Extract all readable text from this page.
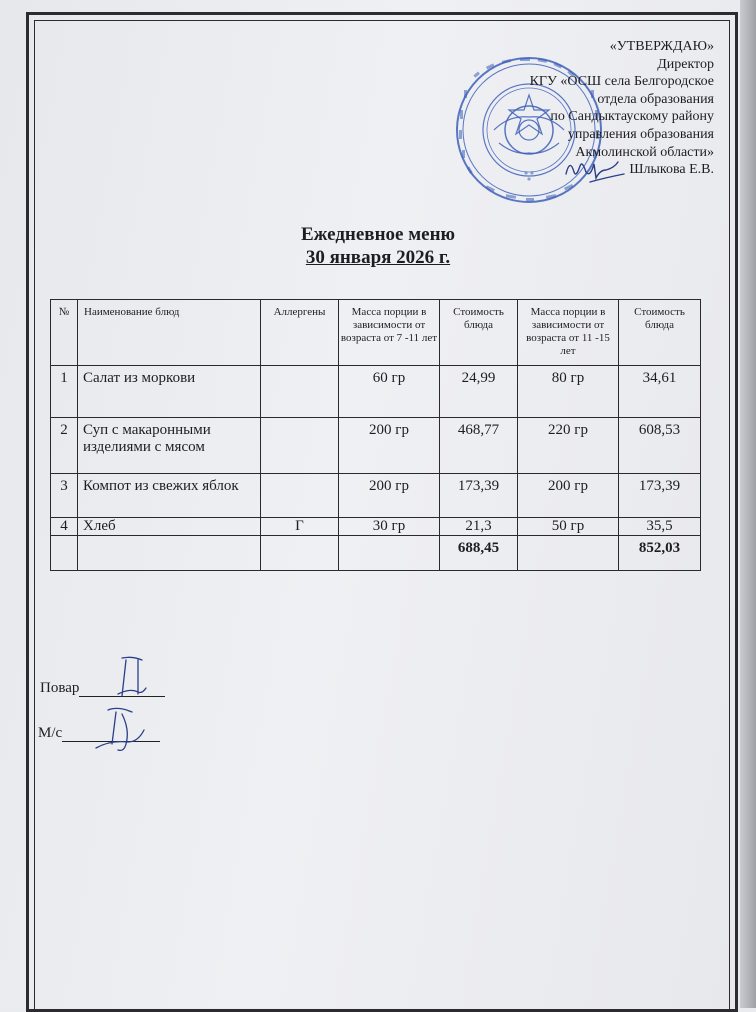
«УТВЕРЖДАЮ»
Директор
КГУ «ОСШ села Белгородское
отдела образования
по Сандыктаускому району
управления образования
Акмолинской области»
Шлыкова Е.В.
Ежедневное меню
30 января 2026 г.
№	Наименование блюд	Аллергены	Масса порции в зависимости от возраста от 7 -11 лет	Стоимость блюда	Масса порции в зависимости от возраста от 11 -15 лет	Стоимость блюда
1	Салат из моркови		60 гр	24,99	80 гр	34,61
2	Суп с макаронными изделиями с мясом		200 гр	468,77	220 гр	608,53
3	Компот из свежих яблок		200 гр	173,39	200 гр	173,39
4	Хлеб	Г	30 гр	21,3	50 гр	35,5
				688,45		852,03
Повар
М/с
